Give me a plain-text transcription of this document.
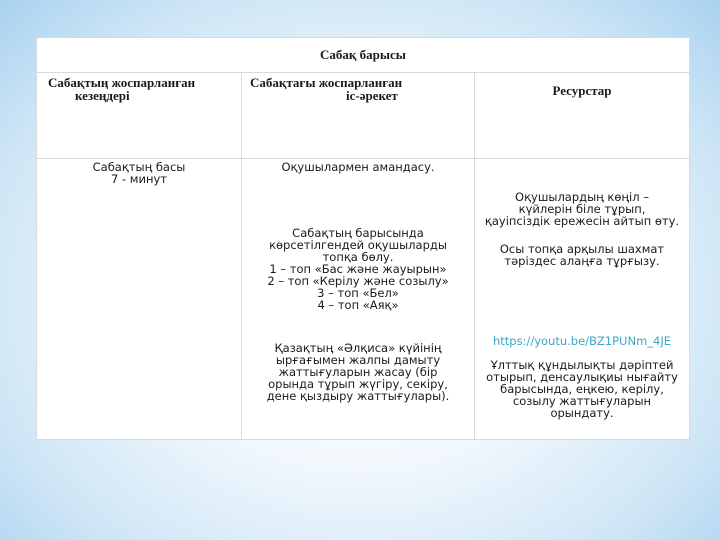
Сабақ барысы
Сабақтың жоспарланған
кезеңдері
Сабақтағы жоспарланған
іс-әрекет	Ресурстар
Сабақтың басы
7 - минут
Оқушылармен амандасу.
Сабақтың барысында
көрсетілгендей оқушыларды
топқа бөлу.
1 – топ «Бас және жауырын»
2 – топ «Керілу және созылу»
3 – топ «Бел»
4 – топ «Аяқ»
Қазақтың «Әлқиса» күйінің
ырғағымен жалпы дамыту
жаттығуларын жасау (бір
орында тұрып жүгіру, секіру,
дене қыздыру жаттығулары).
Оқушылардың көңіл –
күйлерін біле тұрып,
қауіпсіздік ережесін айтып өту.
Осы топқа арқылы шахмат
тәріздес алаңға тұрғызу.
https://youtu.be/BZ1PUNm_4JE
Ұлттық құндылықты дәріптей
отырып, денсаулықиы нығайту
барысында, еңкею, керілу,
созылу жаттығуларын
орындату.
